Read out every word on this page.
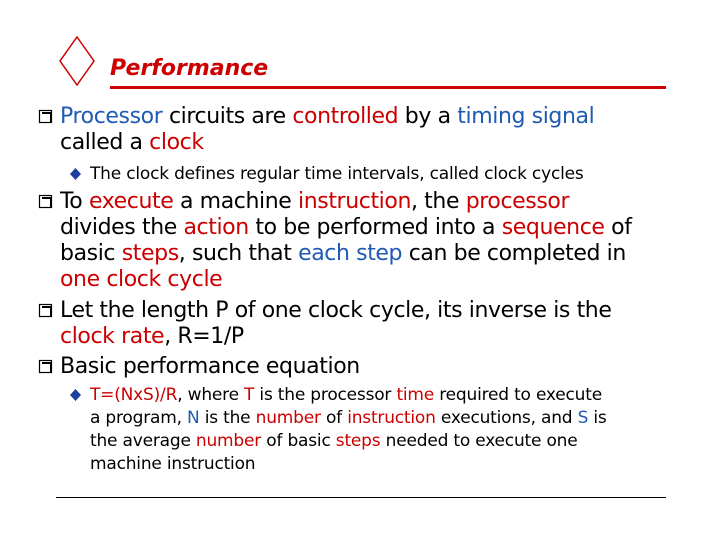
Performance
Processor circuits are controlled by a timing signal
called a clock
The clock defines regular time intervals, called clock cycles
To execute a machine instruction, the processor
divides the action to be performed into a sequence of
basic steps, such that each step can be completed in
one clock cycle
Let the length P of one clock cycle, its inverse is the
clock rate, R=1/P
Basic performance equation
T=(NxS)/R, where T is the processor time required to execute
a program, N is the number of instruction executions, and S is
the average number of basic steps needed to execute one
machine instruction
